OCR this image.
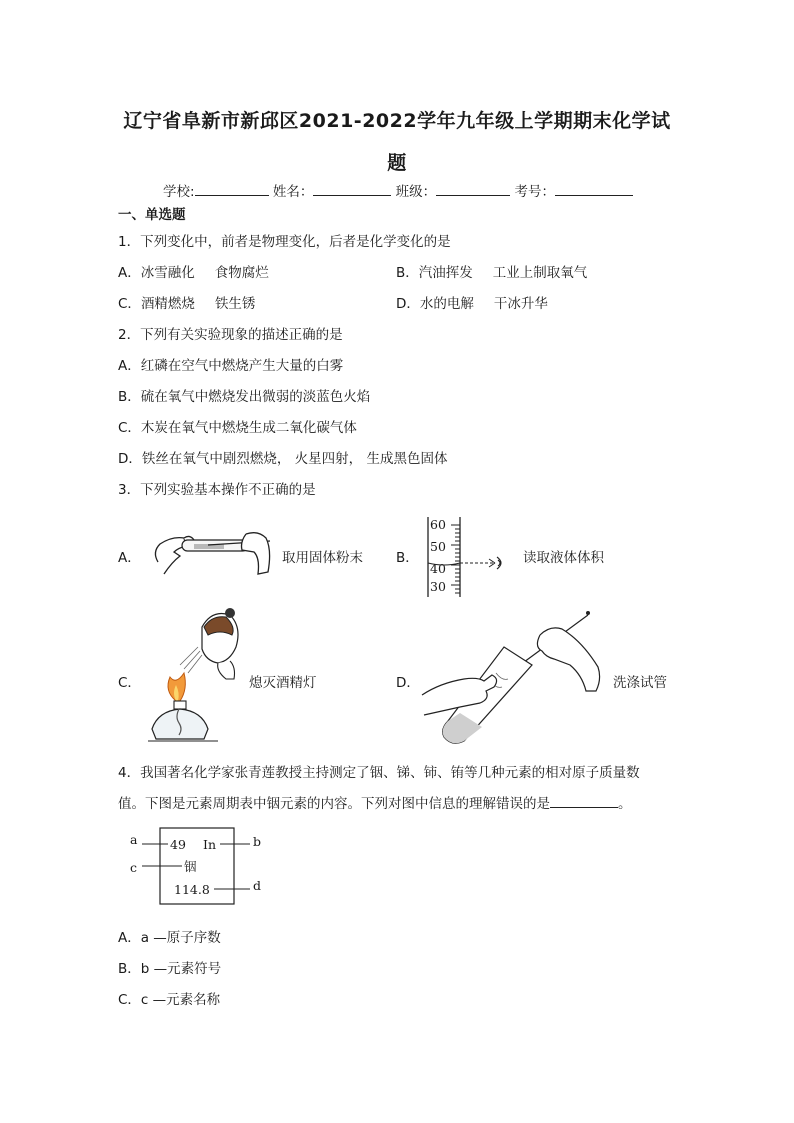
辽宁省阜新市新邱区2021-2022学年九年级上学期期末化学试
题
学校:	姓名：	班级：	考号：
一、单选题
1．下列变化中，前者是物理变化，后者是化学变化的是
A．冰雪融化 食物腐烂	B．汽油挥发 工业上制取氧气
C．酒精燃烧 铁生锈	D．水的电解 干冰升华
2．下列有关实验现象的描述正确的是
A．红磷在空气中燃烧产生大量的白雾
B．硫在氧气中燃烧发出微弱的淡蓝色火焰
C．木炭在氧气中燃烧生成二氧化碳气体
D．铁丝在氧气中剧烈燃烧， 火星四射， 生成黑色固体
3．下列实验基本操作不正确的是
A．	取用固体粉末 B．
60
50
40
30
读取液体体积
C．	熄灭酒精灯	D．	洗涤试管
4．我国著名化学家张青莲教授主持测定了铟、锑、铈、铕等几种元素的相对原子质量数
值。下图是元素周期表中铟元素的内容。下列对图中信息的理解错误的是	。
a	b
c
d
49 In
铟
114.8
A．a —原子序数
B．b —元素符号
C．c —元素名称
